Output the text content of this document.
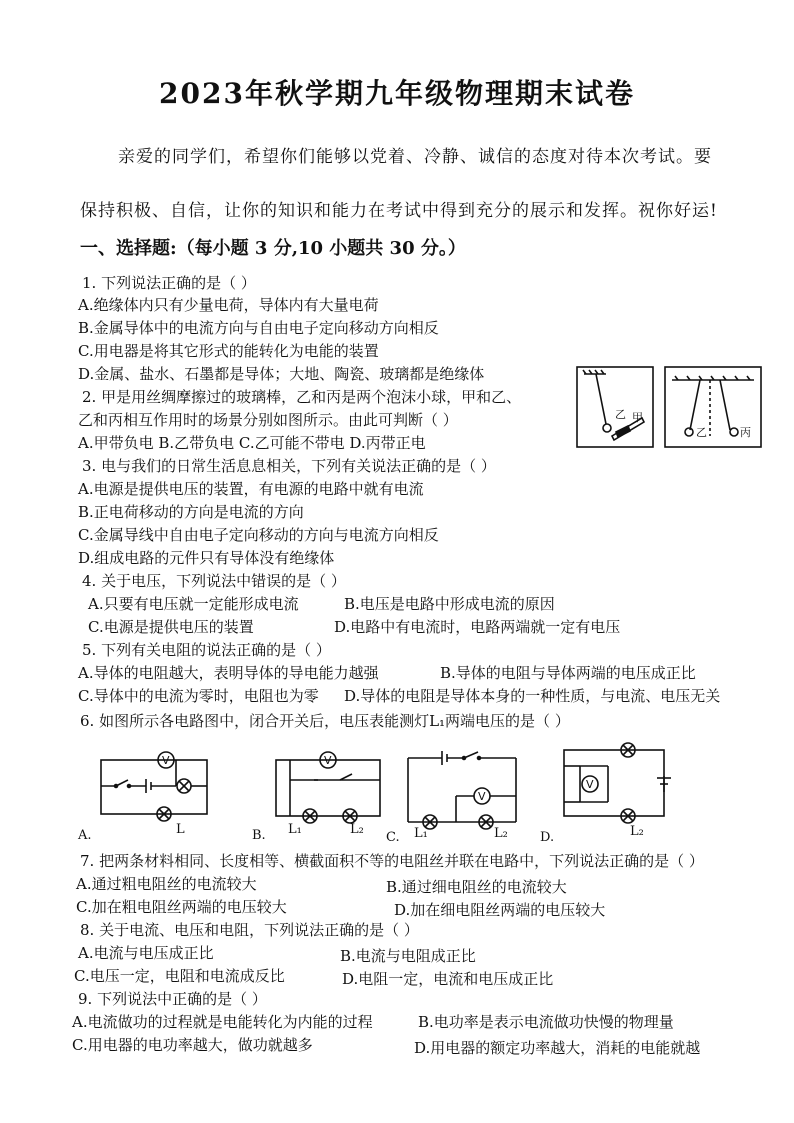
2023年秋学期九年级物理期末试卷
亲爱的同学们，希望你们能够以党着、冷静、诚信的态度对待本次考试。要
保持积极、自信，让你的知识和能力在考试中得到充分的展示和发挥。祝你好运!
一、选择题:（每小题 3 分,10 小题共 30 分。）
1. 下列说法正确的是（ ）
A.绝缘体内只有少量电荷，导体内有大量电荷
B.金属导体中的电流方向与自由电子定向移动方向相反
C.用电器是将其它形式的能转化为电能的装置
D.金属、盐水、石墨都是导体；大地、陶瓷、玻璃都是绝缘体
2. 甲是用丝绸摩擦过的玻璃棒，乙和丙是两个泡沫小球，甲和乙、
乙和丙相互作用时的场景分别如图所示。由此可判断（ ）
A.甲带负电 B.乙带负电 C.乙可能不带电 D.丙带正电
乙 甲
乙	丙
3. 电与我们的日常生活息息相关，下列有关说法正确的是（ ）
A.电源是提供电压的装置，有电源的电路中就有电流
B.正电荷移动的方向是电流的方向
C.金属导线中自由电子定向移动的方向与电流方向相反
D.组成电路的元件只有导体没有绝缘体
4. 关于电压，下列说法中错误的是（ ）
A.只要有电压就一定能形成电流	B.电压是电路中形成电流的原因
C.电源是提供电压的装置	D.电路中有电流时，电路两端就一定有电压
5. 下列有关电阻的说法正确的是（ ）
A.导体的电阻越大，表明导体的导电能力越强	B.导体的电阻与导体两端的电压成正比
C.导体中的电流为零时，电阻也为零 D.导体的电阻是导体本身的一种性质，与电流、电压无关
6. 如图所示各电路图中，闭合开关后，电压表能测灯L₁两端电压的是（ ）
V
A.	L
V
B. L₁	L₂
V
C. L₁	L₂
V
D.	L₂
7. 把两条材料相同、长度相等、横截面积不等的电阻丝并联在电路中，下列说法正确的是（ ）
A.通过粗电阻丝的电流较大	B.通过细电阻丝的电流较大
C.加在粗电阻丝两端的电压较大	D.加在细电阻丝两端的电压较大
8. 关于电流、电压和电阻，下列说法正确的是（ ）
A.电流与电压成正比	B.电流与电阻成正比
C.电压一定，电阻和电流成反比	D.电阻一定，电流和电压成正比
9. 下列说法中正确的是（ ）
A.电流做功的过程就是电能转化为内能的过程	B.电功率是表示电流做功快慢的物理量
C.用电器的电功率越大，做功就越多	D.用电器的额定功率越大，消耗的电能就越
